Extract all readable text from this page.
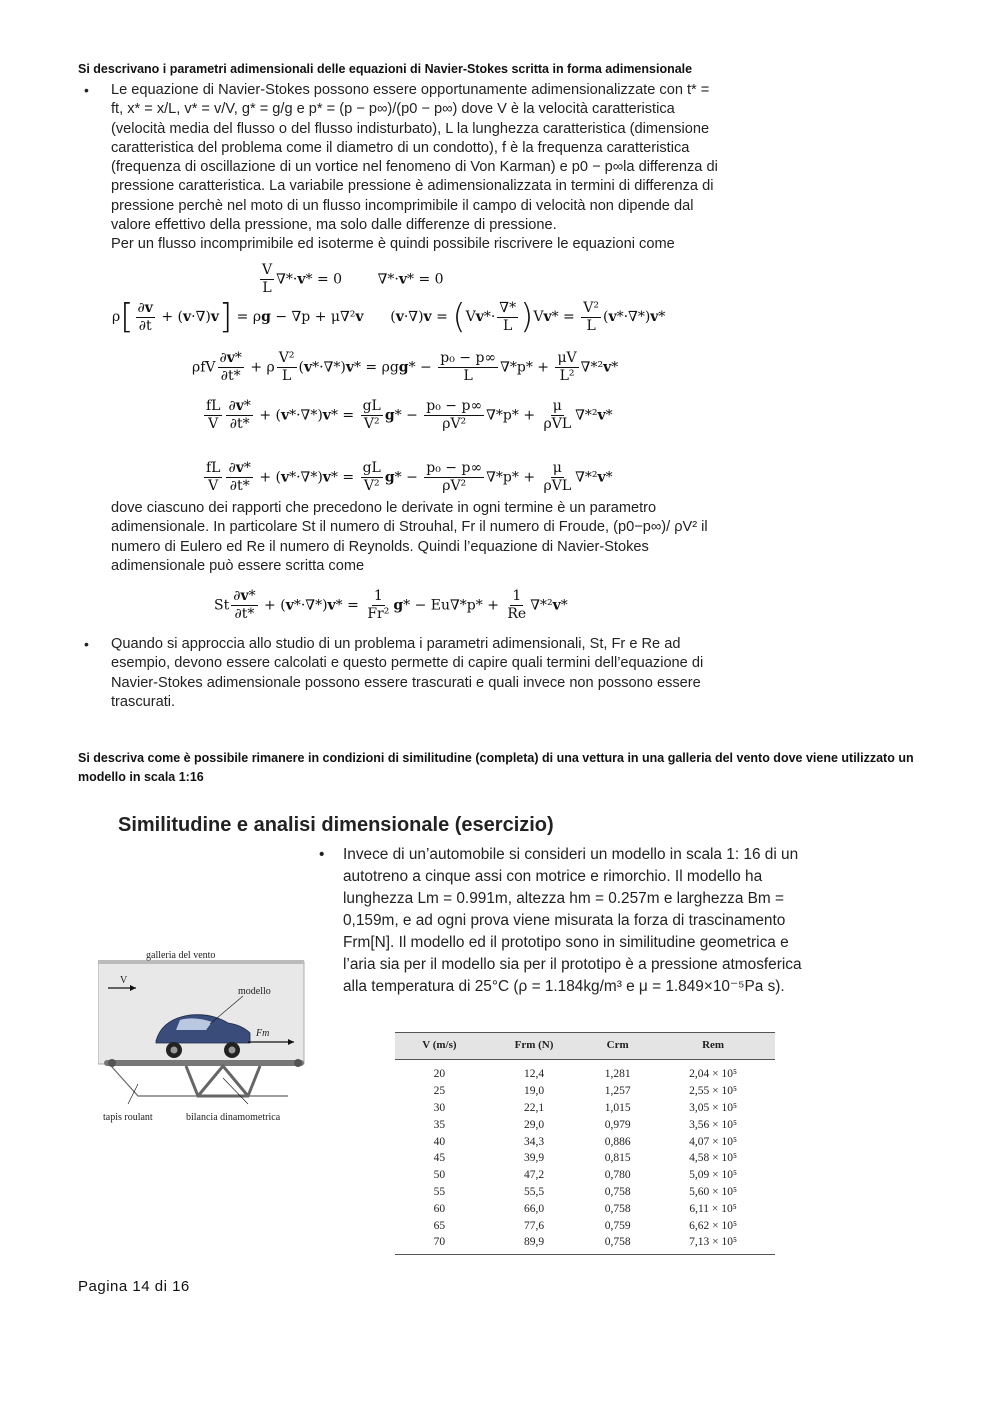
Si descrivano i parametri adimensionali delle equazioni di Navier-Stokes scritta in forma adimensionale
• Le equazione di Navier-Stokes possono essere opportunamente adimensionalizzate con t* = ft, x* = x/L, v* = v/V, g* = g/g e p* = (p − p∞)/(p0 − p∞) dove V è la velocità caratteristica (velocità media del flusso o del flusso indisturbato), L la lunghezza caratteristica (dimensione caratteristica del problema come il diametro di un condotto), f è la frequenza caratteristica (frequenza di oscillazione di un vortice nel fenomeno di Von Karman) e p0 − p∞la differenza di pressione caratteristica. La variabile pressione è adimensionalizzata in termini di differenza di pressione perchè nel moto di un flusso incomprimibile il campo di velocità non dipende dal valore effettivo della pressione, ma solo dalle differenze di pressione.
Per un flusso incomprimibile ed isoterme è quindi possibile riscrivere le equazioni come
$\frac{V}{L} \nabla*\cdot v* = 0$        ∇*·v* = 0
$\rho[ \frac{\partial v}{\partial t} + (v\cdot\nabla)v] = \rho g - \nabla p + \mu\nabla^2v$      (v·∇)v = (Vv*·
∇*
L )$Vv* = \frac{\text{V²}}{L} (v*\cdot\nabla*)v*$
ρfV $\frac{\partial v*}{\partial t*} + \rho \frac{\text{V²}}{L} (v*\cdot\nabla*)v* = \rho gg* - \frac{\text{p₀ − p∞}}{L} \nabla*p* + \frac{\mu V}{\text{L²}} \nabla*^2v*$
$\frac{fL}{V} \frac{\partial v*}{\partial t*} + (v*\cdot\nabla*)v* = \frac{gL}{\text{V²}} g* - \frac{\text{p₀ − p∞}}{\text{ρV²}} \nabla*p*$ +
μ
ρVL
∇*²v*
$\frac{fL}{V} \frac{\partial v*}{\partial t*} + (v*\cdot\nabla*)v* = \frac{gL}{\text{V²}} g* - \frac{\text{p₀ − p∞}}{\text{ρV²}} \nabla*p*$ +
μ
ρVL
∇*²v*
dove ciascuno dei rapporti che precedono le derivate in ogni termine è un parametro adimensionale. In particolare St il numero di Strouhal, Fr il numero di Froude, (p0−p∞)/ ρV² il numero di Eulero ed Re il numero di Reynolds. Quindi l’equazione di Navier-Stokes adimensionale può essere scritta come
St $\frac{\partial v*}{\partial t*} + (v*\cdot\nabla*)v* = \frac{1}{\text{Fr²}} g* - Eu\nabla*p* + \frac{1}{Re} \nabla*^2v*$
• Quando si approccia allo studio di un problema i parametri adimensionali, St, Fr e Re ad esempio, devono essere calcolati e questo permette di capire quali termini dell’equazione di Navier-Stokes adimensionale possono essere trascurati e quali invece non possono essere trascurati.
Si descriva come è possibile rimanere in condizioni di similitudine (completa) di una vettura in una galleria del vento dove viene utilizzato un modello in scala 1:16
Similitudine e analisi dimensionale (esercizio)
• Invece di un’automobile si consideri un modello in scala 1: 16 di un autotreno a cinque assi con motrice e rimorchio. Il modello ha lunghezza Lm = 0.991m, altezza hm = 0.257m e larghezza Bm = 0,159m, e ad ogni prova viene misurata la forza di trascinamento Frm[N]. Il modello ed il prototipo sono in similitudine geometrica e l’aria sia per il modello sia per il prototipo è a pressione atmosferica alla temperatura di 25°C (ρ = 1.184kg/m³ e μ = 1.849×10⁻⁵Pa s).
galleria del vento
V
modello
Fm
tapis roulant	bilancia dinamometrica
V (m/s)	Frm (N)	Crm	Rem
20	12,4	1,281	2,04 × 10⁵
25	19,0	1,257	2,55 × 10⁵
30	22,1	1,015	3,05 × 10⁵
35	29,0	0,979	3,56 × 10⁵
40	34,3	0,886	4,07 × 10⁵
45	39,9	0,815	4,58 × 10⁵
50	47,2	0,780	5,09 × 10⁵
55	55,5	0,758	5,60 × 10⁵
60	66,0	0,758	6,11 × 10⁵
65	77,6	0,759	6,62 × 10⁵
70	89,9	0,758	7,13 × 10⁵
Pagina 14 di 16
